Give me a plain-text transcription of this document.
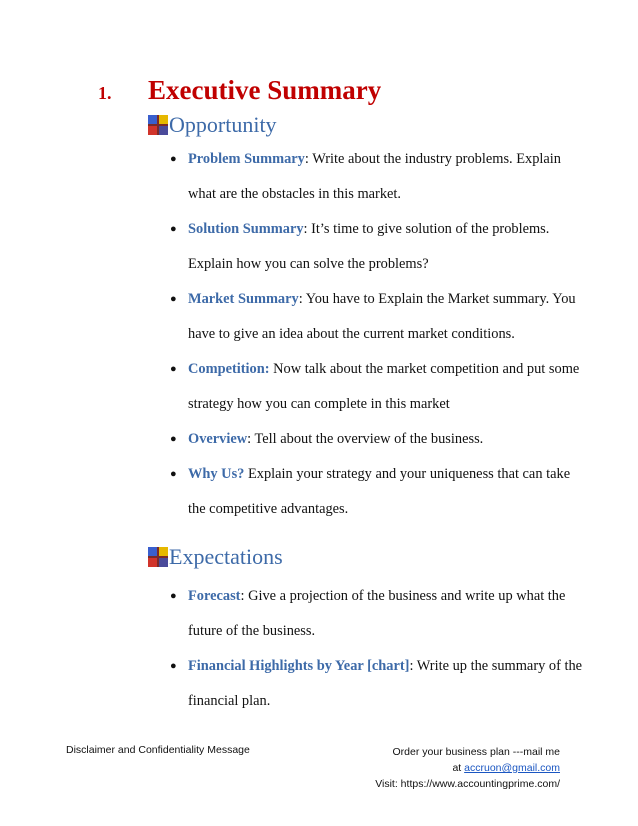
1. Executive Summary
Opportunity
● Problem Summary: Write about the industry problems. Explain what are the obstacles in this market.
● Solution Summary: It’s time to give solution of the problems. Explain how you can solve the problems?
● Market Summary: You have to Explain the Market summary. You have to give an idea about the current market conditions.
● Competition: Now talk about the market competition and put some strategy how you can complete in this market
● Overview: Tell about the overview of the business.
● Why Us? Explain your strategy and your uniqueness that can take the competitive advantages.
Expectations
● Forecast: Give a projection of the business and write up what the future of the business.
● Financial Highlights by Year [chart]: Write up the summary of the financial plan.
Disclaimer and Confidentiality Message	Order your business plan ---mail me
at accruon@gmail.com
Visit: https://www.accountingprime.com/
